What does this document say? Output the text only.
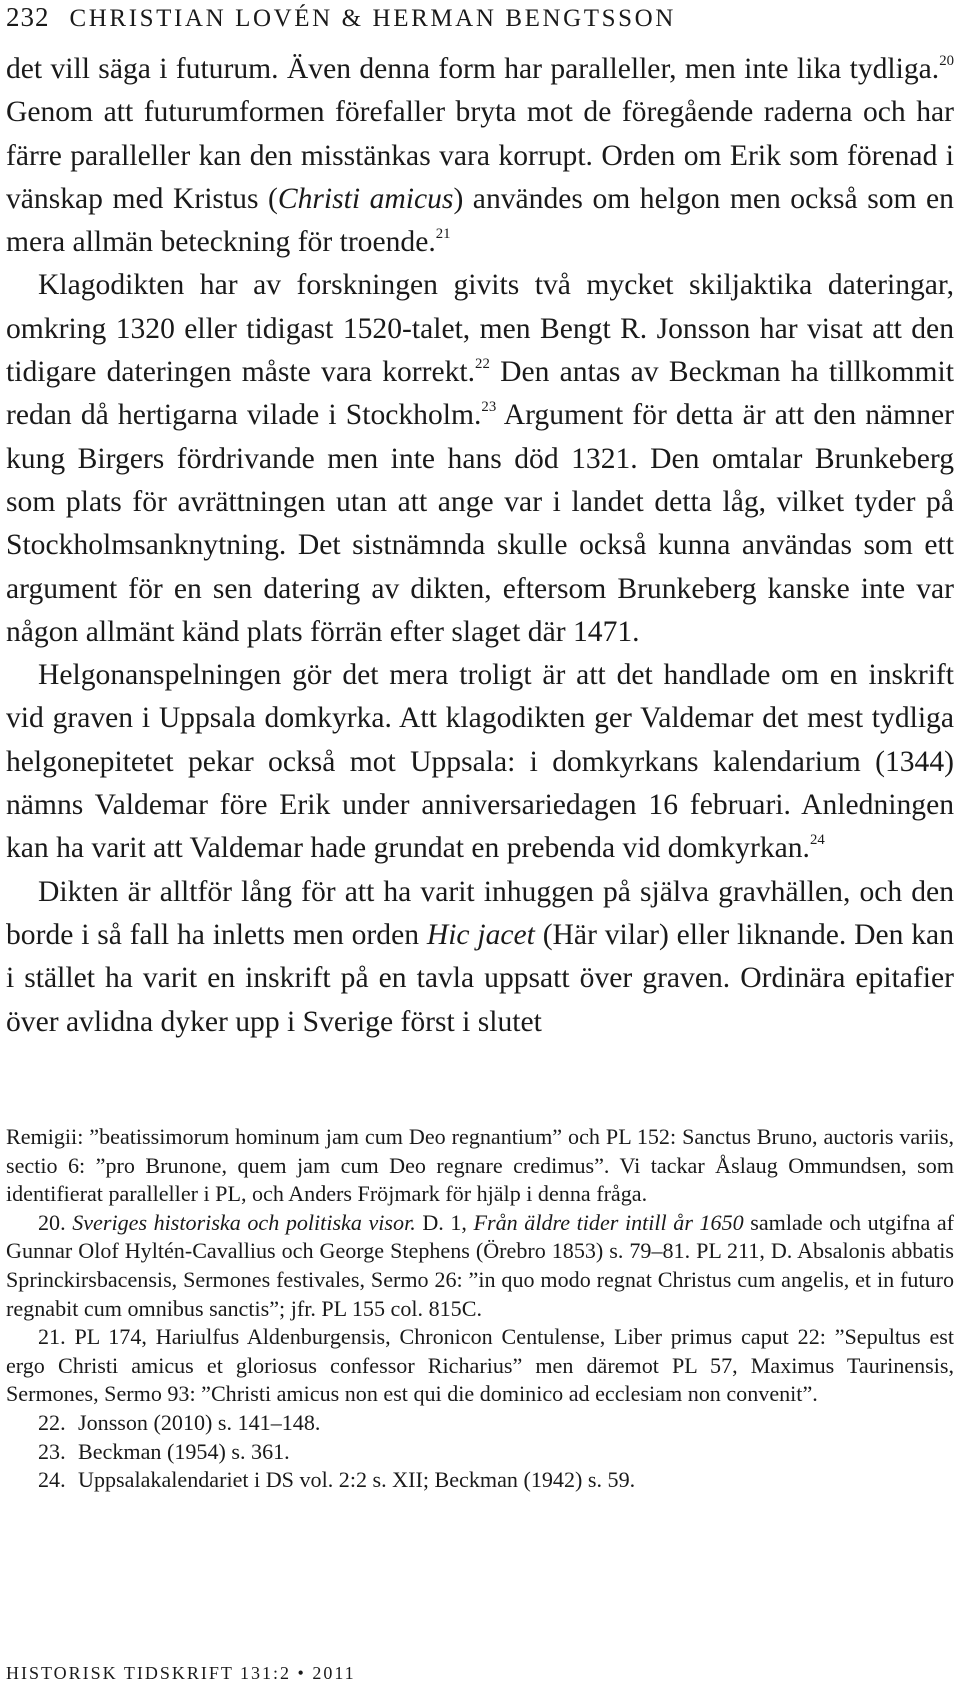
232 CHRISTIAN LOVÉN & HERMAN BENGTSSON

det vill säga i futurum. Även denna form har paralleller, men inte lika tydliga.$^{20}$ Genom att futurumformen förefaller bryta mot de föregående raderna och har färre paralleller kan den misstänkas vara korrupt. Orden om Erik som förenad i vänskap med Kristus (Christi amicus) användes om helgon men också som en mera allmän beteckning för troende.$^{21}$

Klagodikten har av forskningen givits två mycket skiljaktika dateringar, omkring 1320 eller tidigast 1520-talet, men Bengt R. Jonsson har visat att den tidigare dateringen måste vara korrekt.$^{22}$ Den antas av Beckman ha tillkommit redan då hertigarna vilade i Stockholm.$^{23}$ Argument för detta är att den nämner kung Birgers fördrivande men inte hans död 1321. Den omtalar Brunkeberg som plats för avrättningen utan att ange var i landet detta låg, vilket tyder på Stockholmsanknytning. Det sistnämnda skulle också kunna användas som ett argument för en sen datering av dikten, eftersom Brunkeberg kanske inte var någon allmänt känd plats förrän efter slaget där 1471.

Helgonanspelningen gör det mera troligt är att det handlade om en inskrift vid graven i Uppsala domkyrka. Att klagodikten ger Valdemar det mest tydliga helgonepitetet pekar också mot Uppsala: i domkyrkans kalendarium (1344) nämns Valdemar före Erik under anniversariedagen 16 februari. Anledningen kan ha varit att Valdemar hade grundat en prebenda vid domkyrkan.$^{24}$

Dikten är alltför lång för att ha varit inhuggen på själva gravhällen, och den borde i så fall ha inletts men orden Hic jacet (Här vilar) eller liknande. Den kan i stället ha varit en inskrift på en tavla uppsatt över graven. Ordinära epitafier över avlidna dyker upp i Sverige först i slutet

Remigii: ”beatissimorum hominum jam cum Deo regnantium” och PL 152: Sanctus Bruno, auctoris variis, sectio 6: ”pro Brunone, quem jam cum Deo regnare credimus”. Vi tackar Åslaug Ommundsen, som identifierat paralleller i PL, och Anders Fröjmark för hjälp i denna fråga.

20. Sveriges historiska och politiska visor. D. 1, Från äldre tider intill år 1650 samlade och utgifna af Gunnar Olof Hyltén-Cavallius och George Stephens (Örebro 1853) s. 79–81. PL 211, D. Absalonis abbatis Sprinckirsbacensis, Sermones festivales, Sermo 26: ”in quo modo regnat Christus cum angelis, et in futuro regnabit cum omnibus sanctis”; jfr. PL 155 col. 815C.

21. PL 174, Hariulfus Aldenburgensis, Chronicon Centulense, Liber primus caput 22: ”Sepultus est ergo Christi amicus et gloriosus confessor Richarius” men däremot PL 57, Maximus Taurinensis, Sermones, Sermo 93: ”Christi amicus non est qui die dominico ad ecclesiam non convenit”.

22. Jonsson (2010) s. 141–148.

23. Beckman (1954) s. 361.

24. Uppsalakalendariet i DS vol. 2:2 s. XII; Beckman (1942) s. 59.

HISTORISK TIDSKRIFT 131:2 • 2011
